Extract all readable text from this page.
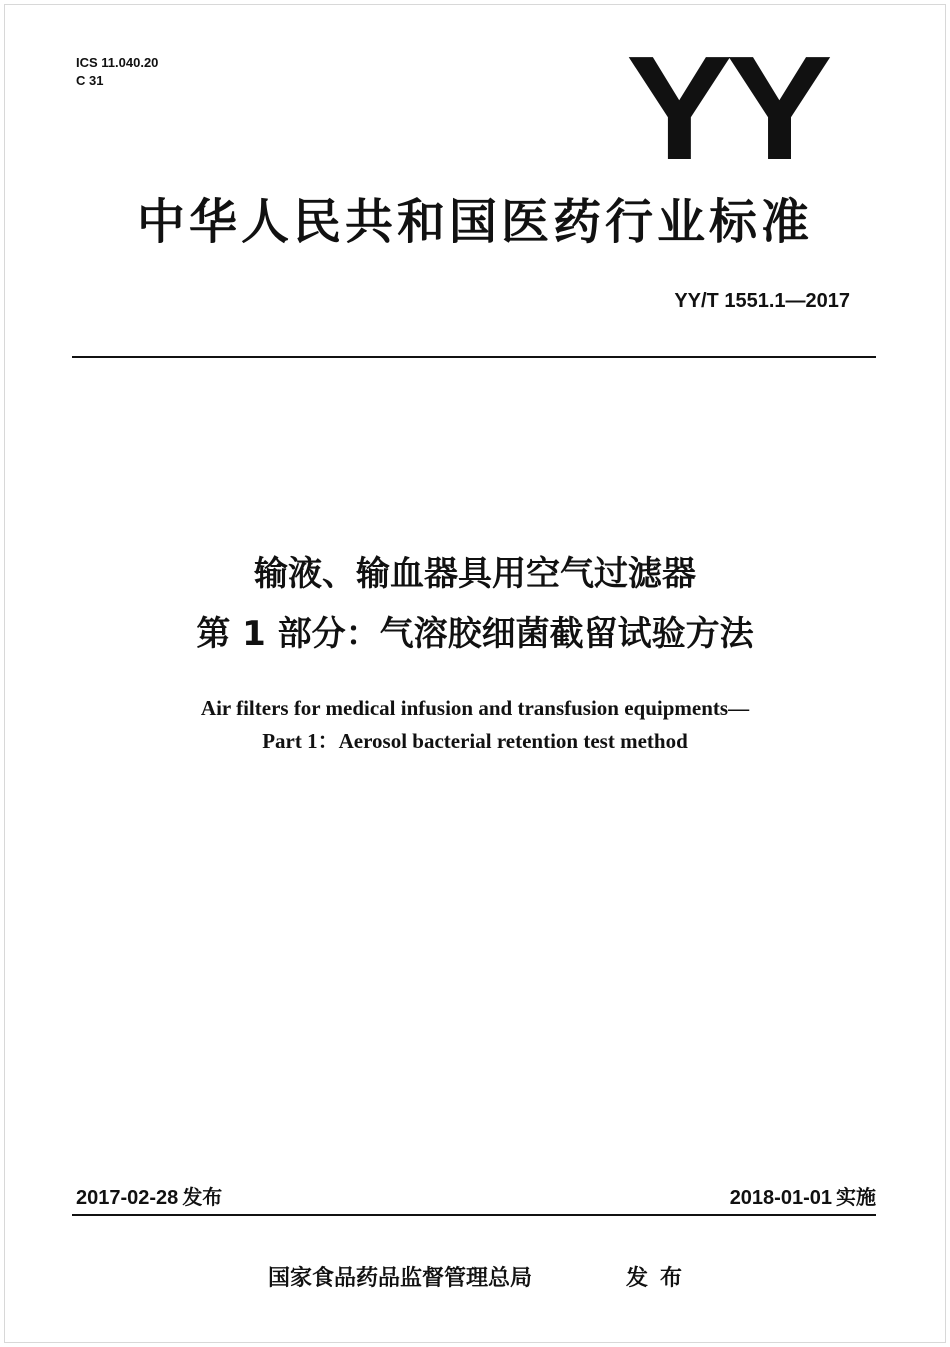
ICS 11.040.20
C 31	YY
中华人民共和国医药行业标准
YY/T 1551.1—2017
输液、输血器具用空气过滤器
第 1 部分：气溶胶细菌截留试验方法
Air filters for medical infusion and transfusion equipments—
Part 1：Aerosol bacterial retention test method
2017-02-28 发布	2018-01-01 实施
国家食品药品监督管理总局	发布
